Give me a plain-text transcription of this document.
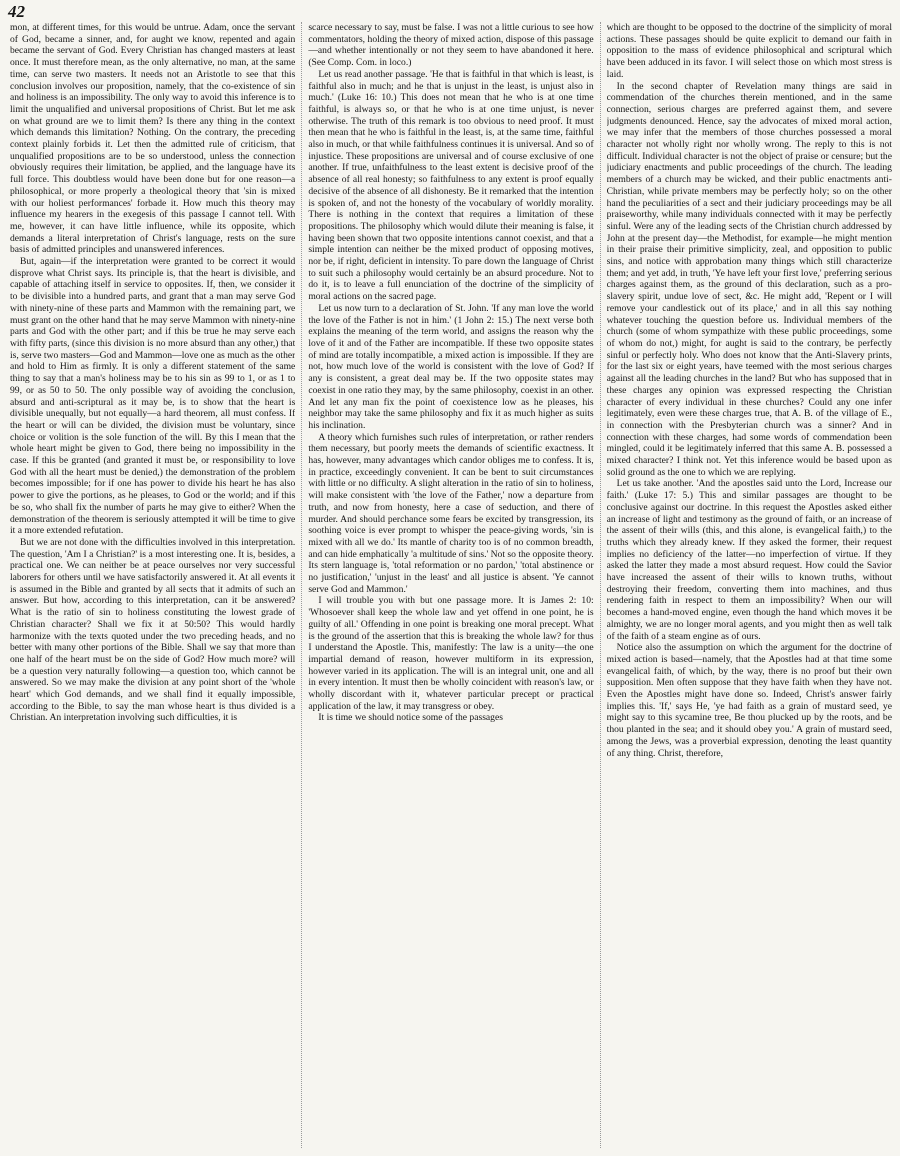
42

mon, at different times, for this would be untrue. Adam, once the servant of God, became a sinner, and, for aught we know, repented and again became the servant of God. Every Christian has changed masters at least once. It must therefore mean, as the only alternative, no man, at the same time, can serve two masters. It needs not an Aristotle to see that this conclusion involves our proposition, namely, that the co-existence of sin and holiness is an impossibility. The only way to avoid this inference is to limit the unqualified and universal propositions of Christ. But let me ask on what ground are we to limit them? Is there any thing in the context which demands this limitation? Nothing. On the contrary, the preceding context plainly forbids it. Let then the admitted rule of criticism, that unqualified propositions are to be so understood, unless the connection obviously requires their limitation, be applied, and the language have its full force. This doubtless would have been done but for one reason—a philosophical, or more properly a theological theory that 'sin is mixed with our holiest performances' forbade it. How much this theory may influence my hearers in the exegesis of this passage I cannot tell. With me, however, it can have little influence, while its opposite, which demands a literal interpretation of Christ's language, rests on the sure basis of admitted principles and unanswered inferences.

But, again—if the interpretation were granted to be correct it would disprove what Christ says. Its principle is, that the heart is divisible, and capable of attaching itself in service to opposites. If, then, we consider it to be divisible into a hundred parts, and grant that a man may serve God with ninety-nine of these parts and Mammon with the remaining part, we must grant on the other hand that he may serve Mammon with ninety-nine parts and God with the other part; and if this be true he may serve each with fifty parts, (since this division is no more absurd than any other,) that is, serve two masters—God and Mammon—love one as much as the other and hold to Him as firmly. It is only a different statement of the same thing to say that a man's holiness may be to his sin as 99 to 1, or as 1 to 99, or as 50 to 50. The only possible way of avoiding the conclusion, absurd and anti-scriptural as it may be, is to show that the heart is divisible unequally, but not equally—a hard theorem, all must confess. If the heart or will can be divided, the division must be voluntary, since choice or volition is the sole function of the will. By this I mean that the whole heart might be given to God, there being no impossibility in the case. If this be granted (and granted it must be, or responsibility to love God with all the heart must be denied,) the demonstration of the problem becomes impossible; for if one has power to divide his heart he has also power to give the portions, as he pleases, to God or the world; and if this be so, who shall fix the number of parts he may give to either? When the demonstration of the theorem is seriously attempted it will be time to give it a more extended refutation.

But we are not done with the difficulties involved in this interpretation. The question, 'Am I a Christian?' is a most interesting one. It is, besides, a practical one. We can neither be at peace ourselves nor very successful laborers for others until we have satisfactorily answered it. At all events it is assumed in the Bible and granted by all sects that it admits of such an answer. But how, according to this interpretation, can it be answered? What is the ratio of sin to holiness constituting the lowest grade of Christian character? Shall we fix it at 50:50? This would hardly harmonize with the texts quoted under the two preceding heads, and no better with many other portions of the Bible. Shall we say that more than one half of the heart must be on the side of God? How much more? will be a question very naturally following—a question too, which cannot be answered. So we may make the division at any point short of the 'whole heart' which God demands, and we shall find it equally impossible, according to the Bible, to say the man whose heart is thus divided is a Christian. An interpretation involving such difficulties, it is

scarce necessary to say, must be false. I was not a little curious to see how commentators, holding the theory of mixed action, dispose of this passage—and whether intentionally or not they seem to have abandoned it here. (See Comp. Com. in loco.)

Let us read another passage. 'He that is faithful in that which is least, is faithful also in much; and he that is unjust in the least, is unjust also in much.' (Luke 16: 10.) This does not mean that he who is at one time faithful, is always so, or that he who is at one time unjust, is never otherwise. The truth of this remark is too obvious to need proof. It must then mean that he who is faithful in the least, is, at the same time, faithful also in much, or that while faithfulness continues it is universal. And so of injustice. These propositions are universal and of course exclusive of one another. If true, unfaithfulness to the least extent is decisive proof of the absence of all real honesty; so faithfulness to any extent is proof equally decisive of the absence of all dishonesty. Be it remarked that the intention is spoken of, and not the honesty of the vocabulary of worldly morality. There is nothing in the context that requires a limitation of these propositions. The philosophy which would dilute their meaning is false, it having been shown that two opposite intentions cannot coexist, and that a simple intention can neither be the mixed product of opposing motives, nor be, if right, deficient in intensity. To pare down the language of Christ to suit such a philosophy would certainly be an absurd procedure. Not to do it, is to leave a full enunciation of the doctrine of the simplicity of moral actions on the sacred page.

Let us now turn to a declaration of St. John. 'If any man love the world the love of the Father is not in him.' (1 John 2: 15.) The next verse both explains the meaning of the term world, and assigns the reason why the love of it and of the Father are incompatible. If these two opposite states of mind are totally incompatible, a mixed action is impossible. If they are not, how much love of the world is consistent with the love of God? If any is consistent, a great deal may be. If the two opposite states may coexist in one ratio they may, by the same philosophy, coexist in an other. And let any man fix the point of coexistence low as he pleases, his neighbor may take the same philosophy and fix it as much higher as suits his inclination.

A theory which furnishes such rules of interpretation, or rather renders them necessary, but poorly meets the demands of scientific exactness. It has, however, many advantages which candor obliges me to confess. It is, in practice, exceedingly convenient. It can be bent to suit circumstances with little or no difficulty. A slight alteration in the ratio of sin to holiness, will make consistent with 'the love of the Father,' now a departure from truth, and now from honesty, here a case of seduction, and there of murder. And should perchance some fears be excited by transgression, its soothing voice is ever prompt to whisper the peace-giving words, 'sin is mixed with all we do.' Its mantle of charity too is of no common breadth, and can hide emphatically 'a multitude of sins.' Not so the opposite theory. Its stern language is, 'total reformation or no pardon,' 'total abstinence or no justification,' 'unjust in the least' and all justice is absent. 'Ye cannot serve God and Mammon.'

I will trouble you with but one passage more. It is James 2: 10: 'Whosoever shall keep the whole law and yet offend in one point, he is guilty of all.' Offending in one point is breaking one moral precept. What is the ground of the assertion that this is breaking the whole law? for thus I understand the Apostle. This, manifestly: The law is a unity—the one impartial demand of reason, however multiform in its expression, however varied in its application. The will is an integral unit, one and all in every intention. It must then be wholly coincident with reason's law, or wholly discordant with it, whatever particular precept or practical application of the law, it may transgress or obey.

It is time we should notice some of the passages

which are thought to be opposed to the doctrine of the simplicity of moral actions. These passages should be quite explicit to demand our faith in opposition to the mass of evidence philosophical and scriptural which have been adduced in its favor. I will select those on which most stress is laid.

In the second chapter of Revelation many things are said in commendation of the churches therein mentioned, and in the same connection, serious charges are preferred against them, and severe judgments denounced. Hence, say the advocates of mixed moral action, we may infer that the members of those churches possessed a moral character not wholly right nor wholly wrong. The reply to this is not difficult. Individual character is not the object of praise or censure; but the judiciary enactments and public proceedings of the church. The leading members of a church may be wicked, and their public enactments anti-Christian, while private members may be perfectly holy; so on the other hand the peculiarities of a sect and their judiciary proceedings may be all praiseworthy, while many individuals connected with it may be perfectly sinful. Were any of the leading sects of the Christian church addressed by John at the present day—the Methodist, for example—he might mention in their praise their primitive simplicity, zeal, and opposition to public sins, and notice with approbation many things which still characterize them; and yet add, in truth, 'Ye have left your first love,' preferring serious charges against them, as the ground of this declaration, such as a pro-slavery spirit, undue love of sect, &c. He might add, 'Repent or I will remove your candlestick out of its place,' and in all this say nothing whatever touching the question before us. Individual members of the church (some of whom sympathize with these public proceedings, some of whom do not,) might, for aught is said to the contrary, be perfectly sinful or perfectly holy. Who does not know that the Anti-Slavery prints, for the last six or eight years, have teemed with the most serious charges against all the leading churches in the land? But who has supposed that in these charges any opinion was expressed respecting the Christian character of every individual in these churches? Could any one infer legitimately, even were these charges true, that A. B. of the village of E., in connection with the Presbyterian church was a sinner? And in connection with these charges, had some words of commendation been mingled, could it be legitimately inferred that this same A. B. possessed a mixed character? I think not. Yet this inference would be based upon as solid ground as the one to which we are replying.

Let us take another. 'And the apostles said unto the Lord, Increase our faith.' (Luke 17: 5.) This and similar passages are thought to be conclusive against our doctrine. In this request the Apostles asked either an increase of light and testimony as the ground of faith, or an increase of the assent of their wills (this, and this alone, is evangelical faith,) to the truths which they already knew. If they asked the former, their request implies no deficiency of the latter—no imperfection of virtue. If they asked the latter they made a most absurd request. How could the Savior have increased the assent of their wills to known truths, without destroying their freedom, converting them into machines, and thus rendering faith in respect to them an impossibility? When our will becomes a hand-moved engine, even though the hand which moves it be almighty, we are no longer moral agents, and you might then as well talk of the faith of a steam engine as of ours.

Notice also the assumption on which the argument for the doctrine of mixed action is based—namely, that the Apostles had at that time some evangelical faith, of which, by the way, there is no proof but their own supposition. Men often suppose that they have faith when they have not. Even the Apostles might have done so. Indeed, Christ's answer fairly implies this. 'If,' says He, 'ye had faith as a grain of mustard seed, ye might say to this sycamine tree, Be thou plucked up by the roots, and be thou planted in the sea; and it should obey you.' A grain of mustard seed, among the Jews, was a proverbial expression, denoting the least quantity of any thing. Christ, therefore,
